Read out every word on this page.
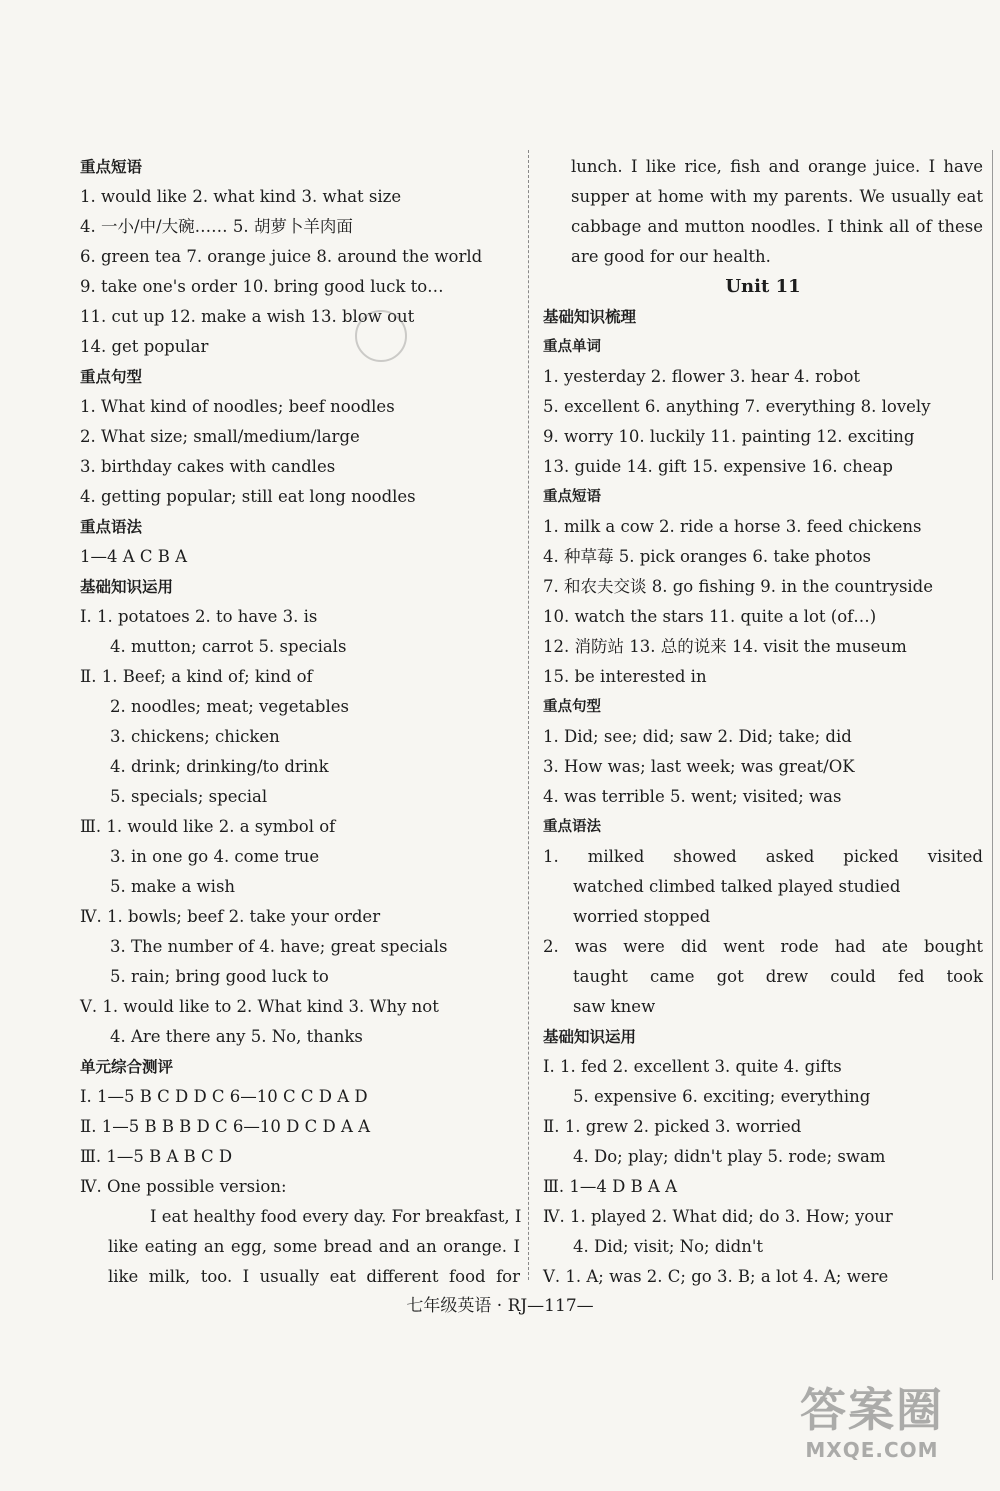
重点短语
1. would like 2. what kind 3. what size
4. 一小/中/大碗…… 5. 胡萝卜羊肉面
6. green tea 7. orange juice 8. around the world
9. take one's order 10. bring good luck to…
11. cut up 12. make a wish 13. blow out
14. get popular
重点句型
1. What kind of noodles; beef noodles
2. What size; small/medium/large
3. birthday cakes with candles
4. getting popular; still eat long noodles
重点语法
1—4 A C B A
基础知识运用
Ⅰ. 1. potatoes 2. to have 3. is
4. mutton; carrot 5. specials
Ⅱ. 1. Beef; a kind of; kind of
2. noodles; meat; vegetables
3. chickens; chicken
4. drink; drinking/to drink
5. specials; special
Ⅲ. 1. would like 2. a symbol of
3. in one go 4. come true
5. make a wish
Ⅳ. 1. bowls; beef 2. take your order
3. The number of 4. have; great specials
5. rain; bring good luck to
Ⅴ. 1. would like to 2. What kind 3. Why not
4. Are there any 5. No, thanks
单元综合测评
Ⅰ. 1—5 B C D D C 6—10 C C D A D
Ⅱ. 1—5 B B B D C 6—10 D C D A A
Ⅲ. 1—5 B A B C D
Ⅳ. One possible version:
I eat healthy food every day. For breakfast, I
like eating an egg, some bread and an orange. I
like milk, too. I usually eat different food for
lunch. I like rice, fish and orange juice. I have
supper at home with my parents. We usually eat
cabbage and mutton noodles. I think all of these
are good for our health.
Unit 11
基础知识梳理
重点单词
1. yesterday 2. flower 3. hear 4. robot
5. excellent 6. anything 7. everything 8. lovely
9. worry 10. luckily 11. painting 12. exciting
13. guide 14. gift 15. expensive 16. cheap
重点短语
1. milk a cow 2. ride a horse 3. feed chickens
4. 种草莓 5. pick oranges 6. take photos
7. 和农夫交谈 8. go fishing 9. in the countryside
10. watch the stars 11. quite a lot (of…)
12. 消防站 13. 总的说来 14. visit the museum
15. be interested in
重点句型
1. Did; see; did; saw 2. Did; take; did
3. How was; last week; was great/OK
4. was terrible 5. went; visited; was
重点语法
1. milked showed asked picked visited
watched climbed talked played studied
worried stopped
2. was were did went rode had ate bought
taught came got drew could fed took
saw knew
基础知识运用
Ⅰ. 1. fed 2. excellent 3. quite 4. gifts
5. expensive 6. exciting; everything
Ⅱ. 1. grew 2. picked 3. worried
4. Do; play; didn't play 5. rode; swam
Ⅲ. 1—4 D B A A
Ⅳ. 1. played 2. What did; do 3. How; your
4. Did; visit; No; didn't
Ⅴ. 1. A; was 2. C; go 3. B; a lot 4. A; were
七年级英语 · RJ—117—
答案圈
MXQE.COM
